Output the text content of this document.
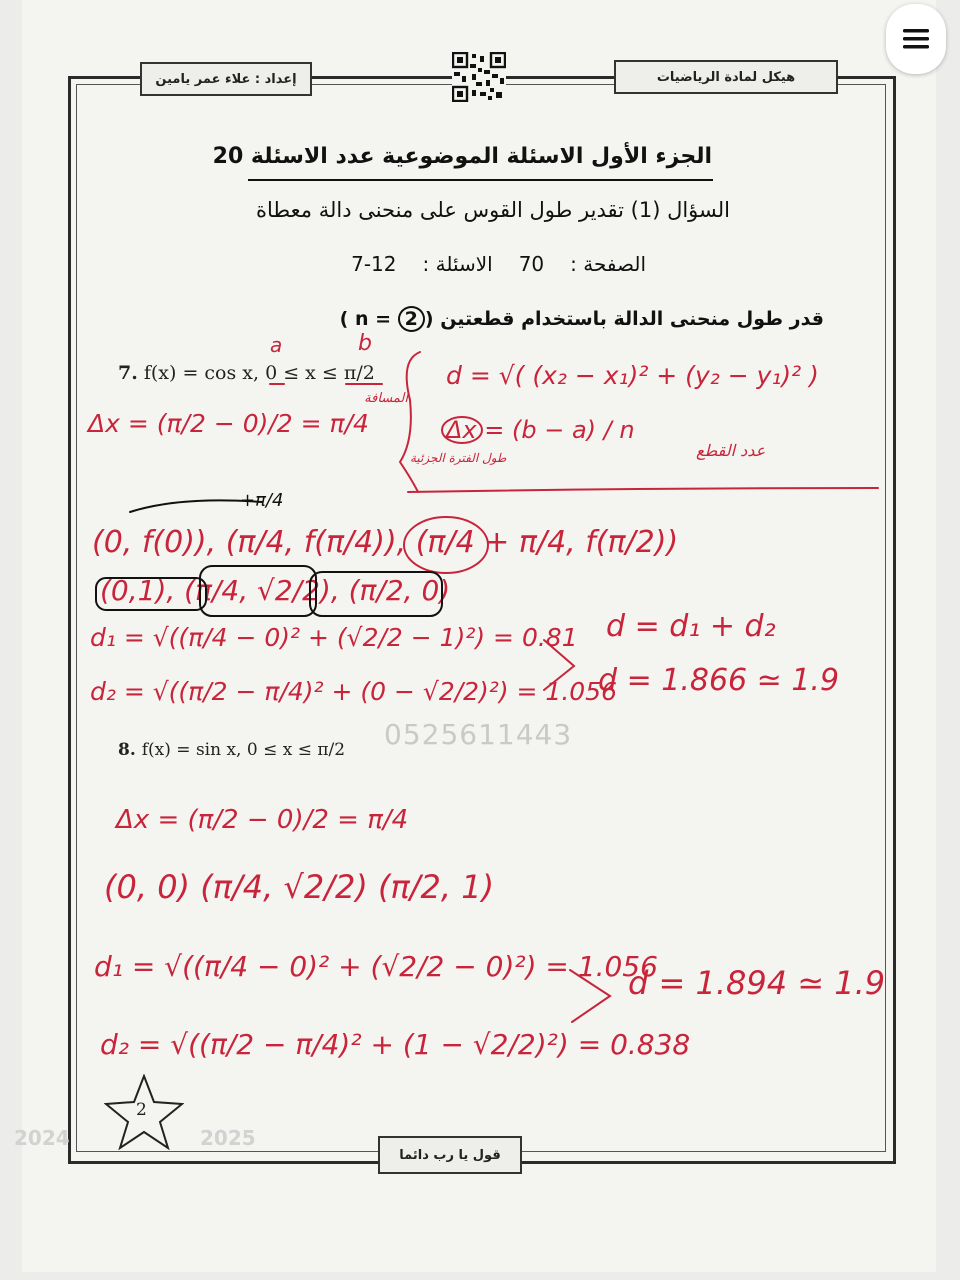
إعداد : علاء عمر يامين	هيكل لمادة الرياضيات
الجزء الأول الاسئلة الموضوعية عدد الاسئلة 20
السؤال (1) تقدير طول القوس على منحنى دالة معطاة
الصفحة :70الاسئلة :7-12
قدر طول منحنى الدالة باستخدام قطعتين (n = 2 )
7. f(x) = cos x, 0 ≤ x ≤ π/2
8. f(x) = sin x, 0 ≤ x ≤ π/2 0525611443
a	b
d = √( (x₂ − x₁)² + (y₂ − y₁)² )
المسافة
Δx = (b − a) / n
طول الفترة الجزئية	عدد القطع
Δx = (π/2 − 0)/2 = π/4
+π/4
(0, f(0)), (π/4, f(π/4)), (π/4 + π/4, f(π/2))
(0,1), (π/4, √2/2), (π/2, 0)
d₁ = √((π/4 − 0)² + (√2/2 − 1)²) = 0.81
d₂ = √((π/2 − π/4)² + (0 − √2/2)²) = 1.056
d = d₁ + d₂
d = 1.866 ≃ 1.9
Δx = (π/2 − 0)/2 = π/4
(0, 0) (π/4, √2/2) (π/2, 1)
d₁ = √((π/4 − 0)² + (√2/2 − 0)²) = 1.056
d₂ = √((π/2 − π/4)² + (1 − √2/2)²) = 0.838
d = 1.894 ≃ 1.9
2
2024	2025
قول يا رب دائما
